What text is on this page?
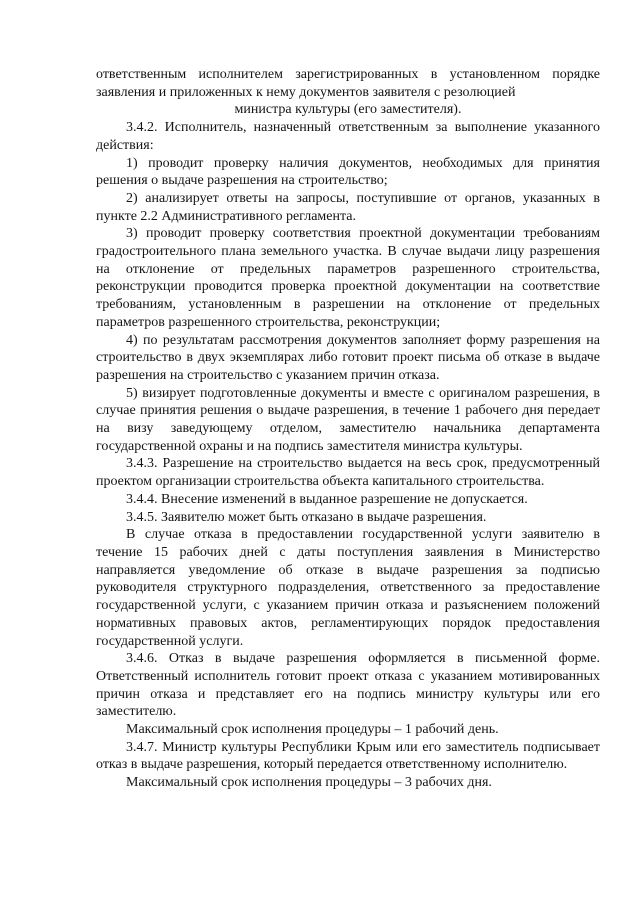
ответственным исполнителем зарегистрированных в установленном порядке заявления и приложенных к нему документов заявителя с резолюцией

министра культуры (его заместителя).

3.4.2. Исполнитель, назначенный ответственным за выполнение указанного действия:

1) проводит проверку наличия документов, необходимых для принятия решения о выдаче разрешения на строительство;

2) анализирует ответы на запросы, поступившие от органов, указанных в пункте 2.2 Административного регламента.

3) проводит проверку соответствия проектной документации требованиям градостроительного плана земельного участка. В случае выдачи лицу разрешения на отклонение от предельных параметров разрешенного строительства, реконструкции проводится проверка проектной документации на соответствие требованиям, установленным в разрешении на отклонение от предельных параметров разрешенного строительства, реконструкции;

4) по результатам рассмотрения документов заполняет форму разрешения на строительство в двух экземплярах либо готовит проект письма об отказе в выдаче разрешения на строительство с указанием причин отказа.

5) визирует подготовленные документы и вместе с оригиналом разрешения, в случае принятия решения о выдаче разрешения, в течение 1 рабочего дня передает на визу заведующему отделом, заместителю начальника департамента государственной охраны и на подпись заместителя министра культуры.

3.4.3. Разрешение на строительство выдается на весь срок, предусмотренный проектом организации строительства объекта капитального строительства.

3.4.4. Внесение изменений в выданное разрешение не допускается.

3.4.5. Заявителю может быть отказано в выдаче разрешения.

В случае отказа в предоставлении государственной услуги заявителю в течение 15 рабочих дней с даты поступления заявления в Министерство направляется уведомление об отказе в выдаче разрешения за подписью руководителя структурного подразделения, ответственного за предоставление государственной услуги, с указанием причин отказа и разъяснением положений нормативных правовых актов, регламентирующих порядок предоставления государственной услуги.

3.4.6. Отказ в выдаче разрешения оформляется в письменной форме. Ответственный исполнитель готовит проект отказа с указанием мотивированных причин отказа и представляет его на подпись министру культуры или его заместителю.

Максимальный срок исполнения процедуры – 1 рабочий день.

3.4.7. Министр культуры Республики Крым или его заместитель подписывает отказ в выдаче разрешения, который передается ответственному исполнителю.

Максимальный срок исполнения процедуры – 3 рабочих дня.
